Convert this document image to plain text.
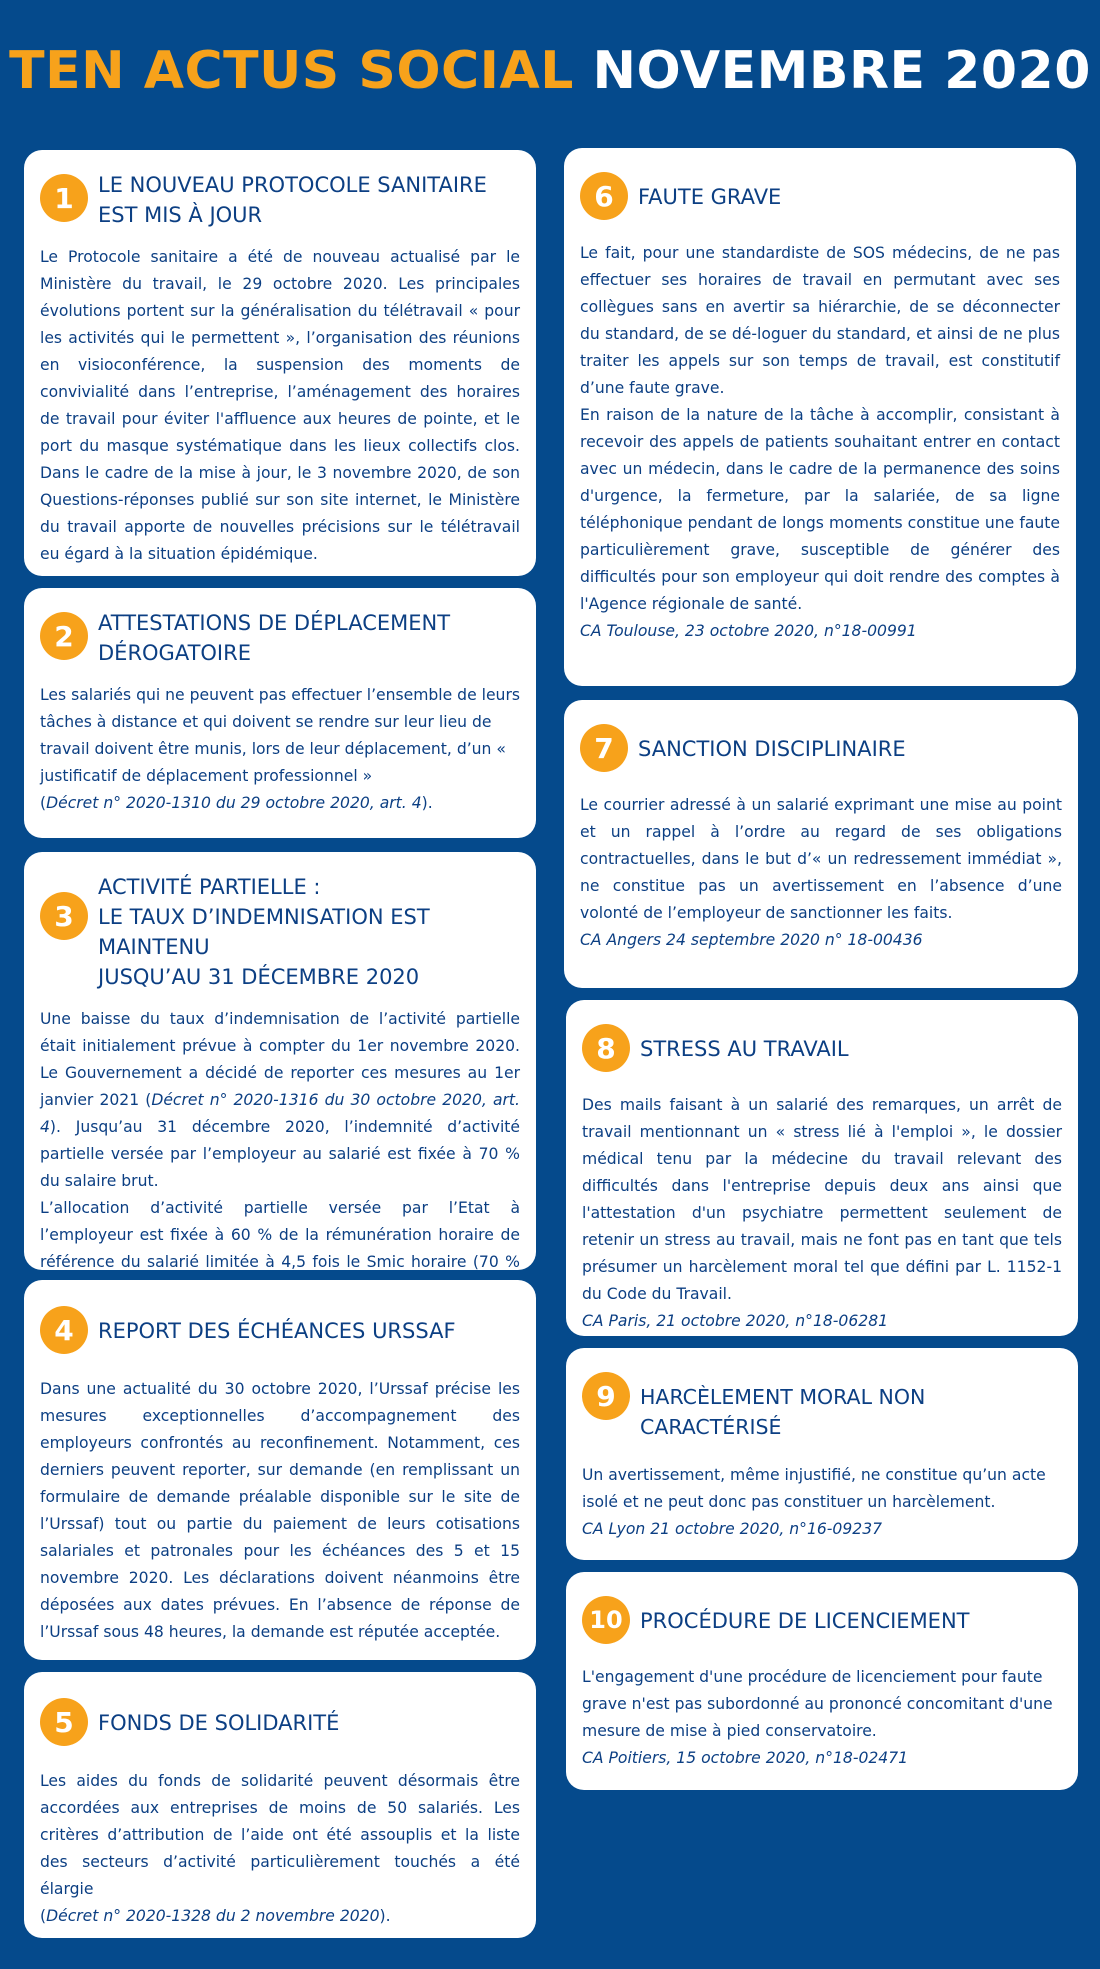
TEN ACTUS SOCIAL NOVEMBRE 2020
1	LE NOUVEAU PROTOCOLE SANITAIRE
EST MIS À JOUR

Le Protocole sanitaire a été de nouveau actualisé par le Ministère du travail, le 29 octobre 2020. Les principales évolutions portent sur la généralisation du télétravail « pour les activités qui le permettent », l’organisation des réunions en visioconférence, la suspension des moments de convivialité dans l’entreprise, l’aménagement des horaires de travail pour éviter l'affluence aux heures de pointe, et le port du masque systématique dans les lieux collectifs clos. Dans le cadre de la mise à jour, le 3 novembre 2020, de son Questions-réponses publié sur son site internet, le Ministère du travail apporte de nouvelles précisions sur le télétravail eu égard à la situation épidémique.

2	ATTESTATIONS DE DÉPLACEMENT
DÉROGATOIRE

Les salariés qui ne peuvent pas effectuer l’ensemble de leurs tâches à distance et qui doivent se rendre sur leur lieu de travail doivent être munis, lors de leur déplacement, d’un « justificatif de déplacement professionnel »
(Décret n° 2020-1310 du 29 octobre 2020, art. 4).

3
ACTIVITÉ PARTIELLE :
LE TAUX D’INDEMNISATION EST MAINTENU
JUSQU’AU 31 DÉCEMBRE 2020

Une baisse du taux d’indemnisation de l’activité partielle était initialement prévue à compter du 1er novembre 2020. Le Gouvernement a décidé de reporter ces mesures au 1er janvier 2021 (Décret n° 2020-1316 du 30 octobre 2020, art. 4). Jusqu’au 31 décembre 2020, l’indemnité d’activité partielle versée par l’employeur au salarié est fixée à 70 % du salaire brut.

L’allocation d’activité partielle versée par l’Etat à l’employeur est fixée à 60 % de la rémunération horaire de référence du salarié limitée à 4,5 fois le Smic horaire (70 %

4	REPORT DES ÉCHÉANCES URSSAF

Dans une actualité du 30 octobre 2020, l’Urssaf précise les mesures exceptionnelles d’accompagnement des employeurs confrontés au reconfinement. Notamment, ces derniers peuvent reporter, sur demande (en remplissant un formulaire de demande préalable disponible sur le site de l’Urssaf) tout ou partie du paiement de leurs cotisations salariales et patronales pour les échéances des 5 et 15 novembre 2020. Les déclarations doivent néanmoins être déposées aux dates prévues. En l’absence de réponse de l’Urssaf sous 48 heures, la demande est réputée acceptée.

5	FONDS DE SOLIDARITÉ

Les aides du fonds de solidarité peuvent désormais être accordées aux entreprises de moins de 50 salariés. Les critères d’attribution de l’aide ont été assouplis et la liste des secteurs d’activité particulièrement touchés a été élargie
(Décret n° 2020-1328 du 2 novembre 2020).

6	FAUTE GRAVE

Le fait, pour une standardiste de SOS médecins, de ne pas effectuer ses horaires de travail en permutant avec ses collègues sans en avertir sa hiérarchie, de se déconnecter du standard, de se dé-loguer du standard, et ainsi de ne plus traiter les appels sur son temps de travail, est constitutif d’une faute grave.

En raison de la nature de la tâche à accomplir, consistant à recevoir des appels de patients souhaitant entrer en contact avec un médecin, dans le cadre de la permanence des soins d'urgence, la fermeture, par la salariée, de sa ligne téléphonique pendant de longs moments constitue une faute particulièrement grave, susceptible de générer des difficultés pour son employeur qui doit rendre des comptes à l'Agence régionale de santé.

CA Toulouse, 23 octobre 2020, n°18-00991

7	SANCTION DISCIPLINAIRE

Le courrier adressé à un salarié exprimant une mise au point et un rappel à l’ordre au regard de ses obligations contractuelles, dans le but d’« un redressement immédiat », ne constitue pas un avertissement en l’absence d’une volonté de l’employeur de sanctionner les faits.

CA Angers 24 septembre 2020 n° 18-00436

8	STRESS AU TRAVAIL

Des mails faisant à un salarié des remarques, un arrêt de travail mentionnant un « stress lié à l'emploi », le dossier médical tenu par la médecine du travail relevant des difficultés dans l'entreprise depuis deux ans ainsi que l'attestation d'un psychiatre permettent seulement de retenir un stress au travail, mais ne font pas en tant que tels présumer un harcèlement moral tel que défini par L. 1152-1 du Code du Travail.

CA Paris, 21 octobre 2020, n°18-06281

9	HARCÈLEMENT MORAL NON CARACTÉRISÉ

Un avertissement, même injustifié, ne constitue qu’un acte isolé et ne peut donc pas constituer un harcèlement.

CA Lyon 21 octobre 2020, n°16-09237

10 PROCÉDURE DE LICENCIEMENT

L'engagement d'une procédure de licenciement pour faute grave n'est pas subordonné au prononcé concomitant d'une mesure de mise à pied conservatoire.

CA Poitiers, 15 octobre 2020, n°18-02471
